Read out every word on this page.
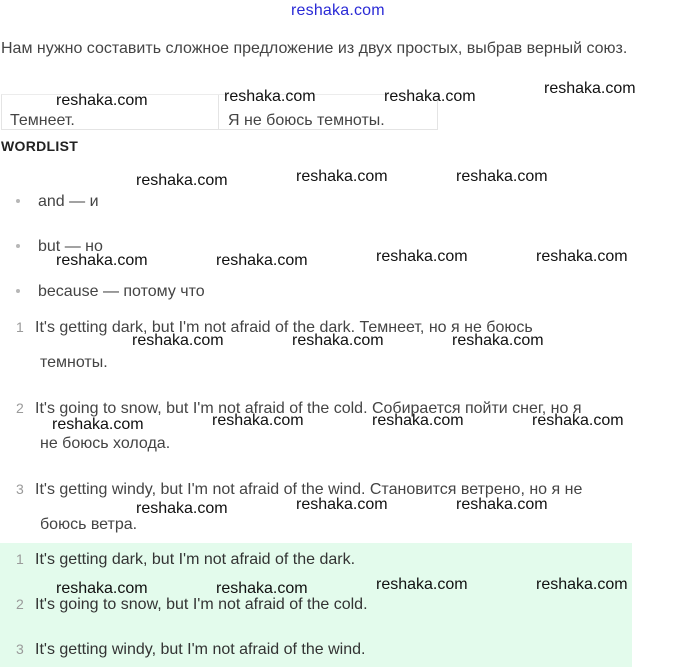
reshaka.com
Нам нужно составить сложное предложение из двух простых, выбрав верный союз.
Темнеет.	Я не боюсь темноты.
WORDLIST
and — и
but — но
because — потому что
1 It's getting dark, but I'm not afraid of the dark. Темнеет, но я не боюсь
темноты.
2 It's going to snow, but I'm not afraid of the cold. Собирается пойти снег, но я
не боюсь холода.
3 It's getting windy, but I'm not afraid of the wind. Становится ветрено, но я не
боюсь ветра.
1 It's getting dark, but I'm not afraid of the dark.
2 It's going to snow, but I'm not afraid of the cold.
3 It's getting windy, but I'm not afraid of the wind.
reshaka.com	reshaka.com	reshaka.com	reshaka.com
reshaka.com	reshaka.com	reshaka.com
reshaka.com	reshaka.com	reshaka.com	reshaka.com
reshaka.com	reshaka.com	reshaka.com
reshaka.com	reshaka.com	reshaka.com	reshaka.com
reshaka.com	reshaka.com	reshaka.com
reshaka.com	reshaka.com	reshaka.com	reshaka.com
